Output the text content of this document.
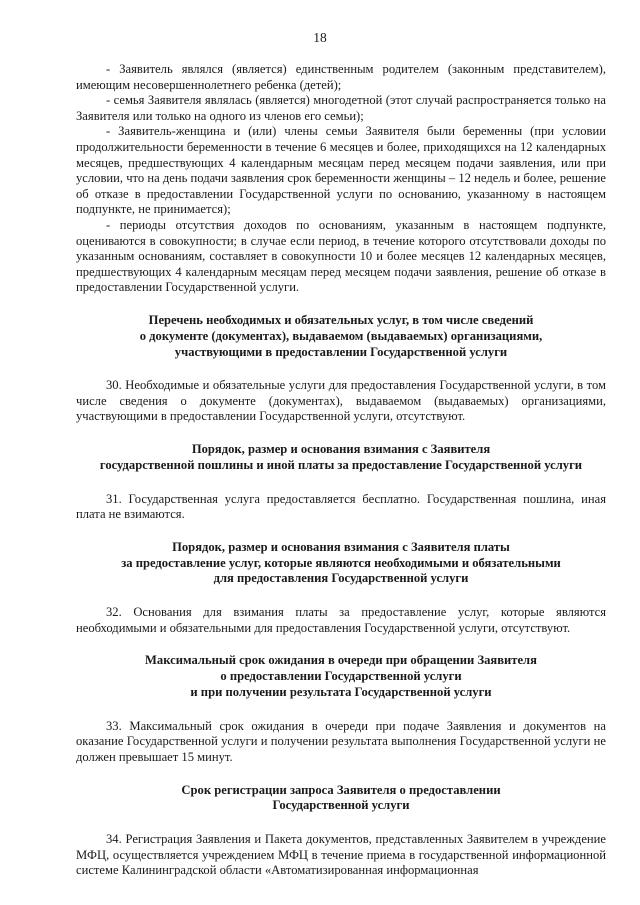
18

- Заявитель являлся (является) единственным родителем (законным представителем), имеющим несовершеннолетнего ребенка (детей);

- семья Заявителя являлась (является) многодетной (этот случай распространяется только на Заявителя или только на одного из членов его семьи);

- Заявитель-женщина и (или) члены семьи Заявителя были беременны (при условии продолжительности беременности в течение 6 месяцев и более, приходящихся на 12 календарных месяцев, предшествующих 4 календарным месяцам перед месяцем подачи заявления, или при условии, что на день подачи заявления срок беременности женщины – 12 недель и более, решение об отказе в предоставлении Государственной услуги по основанию, указанному в настоящем подпункте, не принимается);

- периоды отсутствия доходов по основаниям, указанным в настоящем подпункте, оцениваются в совокупности; в случае если период, в течение которого отсутствовали доходы по указанным основаниям, составляет в совокупности 10 и более месяцев 12 календарных месяцев, предшествующих 4 календарным месяцам перед месяцем подачи заявления, решение об отказе в предоставлении Государственной услуги.

Перечень необходимых и обязательных услуг, в том числе сведений
о документе (документах), выдаваемом (выдаваемых) организациями,
участвующими в предоставлении Государственной услуги

30. Необходимые и обязательные услуги для предоставления Государственной услуги, в том числе сведения о документе (документах), выдаваемом (выдаваемых) организациями, участвующими в предоставлении Государственной услуги, отсутствуют.

Порядок, размер и основания взимания с Заявителя
государственной пошлины и иной платы за предоставление Государственной услуги

31. Государственная услуга предоставляется бесплатно. Государственная пошлина, иная плата не взимаются.

Порядок, размер и основания взимания с Заявителя платы
за предоставление услуг, которые являются необходимыми и обязательными
для предоставления Государственной услуги

32. Основания для взимания платы за предоставление услуг, которые являются необходимыми и обязательными для предоставления Государственной услуги, отсутствуют.

Максимальный срок ожидания в очереди при обращении Заявителя
о предоставлении Государственной услуги
и при получении результата Государственной услуги

33. Максимальный срок ожидания в очереди при подаче Заявления и документов на оказание Государственной услуги и получении результата выполнения Государственной услуги не должен превышает 15 минут.

Срок регистрации запроса Заявителя о предоставлении
Государственной услуги

34. Регистрация Заявления и Пакета документов, представленных Заявителем в учреждение МФЦ, осуществляется учреждением МФЦ в течение приема в государственной информационной системе Калининградской области «Автоматизированная информационная
